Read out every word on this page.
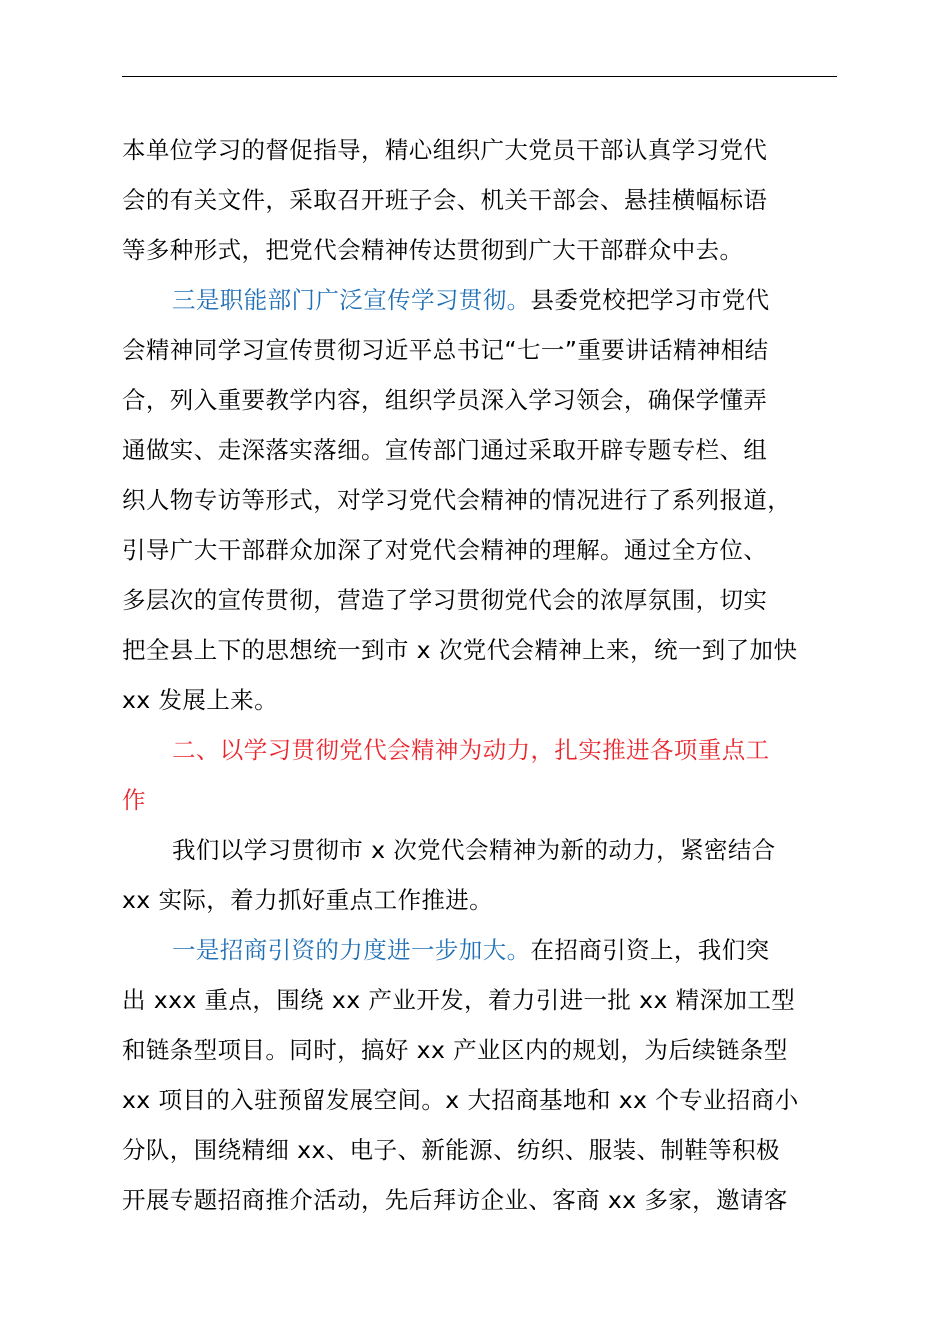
本单位学习的督促指导，精心组织广大党员干部认真学习党代
会的有关文件，采取召开班子会、机关干部会、悬挂横幅标语
等多种形式，把党代会精神传达贯彻到广大干部群众中去。
三是职能部门广泛宣传学习贯彻。县委党校把学习市党代
会精神同学习宣传贯彻习近平总书记“七一”重要讲话精神相结
合，列入重要教学内容，组织学员深入学习领会，确保学懂弄
通做实、走深落实落细。宣传部门通过采取开辟专题专栏、组
织人物专访等形式，对学习党代会精神的情况进行了系列报道，
引导广大干部群众加深了对党代会精神的理解。通过全方位、
多层次的宣传贯彻，营造了学习贯彻党代会的浓厚氛围，切实
把全县上下的思想统一到市 x 次党代会精神上来，统一到了加快
xx 发展上来。
二、以学习贯彻党代会精神为动力，扎实推进各项重点工
作
我们以学习贯彻市 x 次党代会精神为新的动力，紧密结合
xx 实际，着力抓好重点工作推进。
一是招商引资的力度进一步加大。在招商引资上，我们突
出 xxx 重点，围绕 xx 产业开发，着力引进一批 xx 精深加工型
和链条型项目。同时，搞好 xx 产业区内的规划，为后续链条型
xx 项目的入驻预留发展空间。x 大招商基地和 xx 个专业招商小
分队，围绕精细 xx、电子、新能源、纺织、服装、制鞋等积极
开展专题招商推介活动，先后拜访企业、客商 xx 多家，邀请客
